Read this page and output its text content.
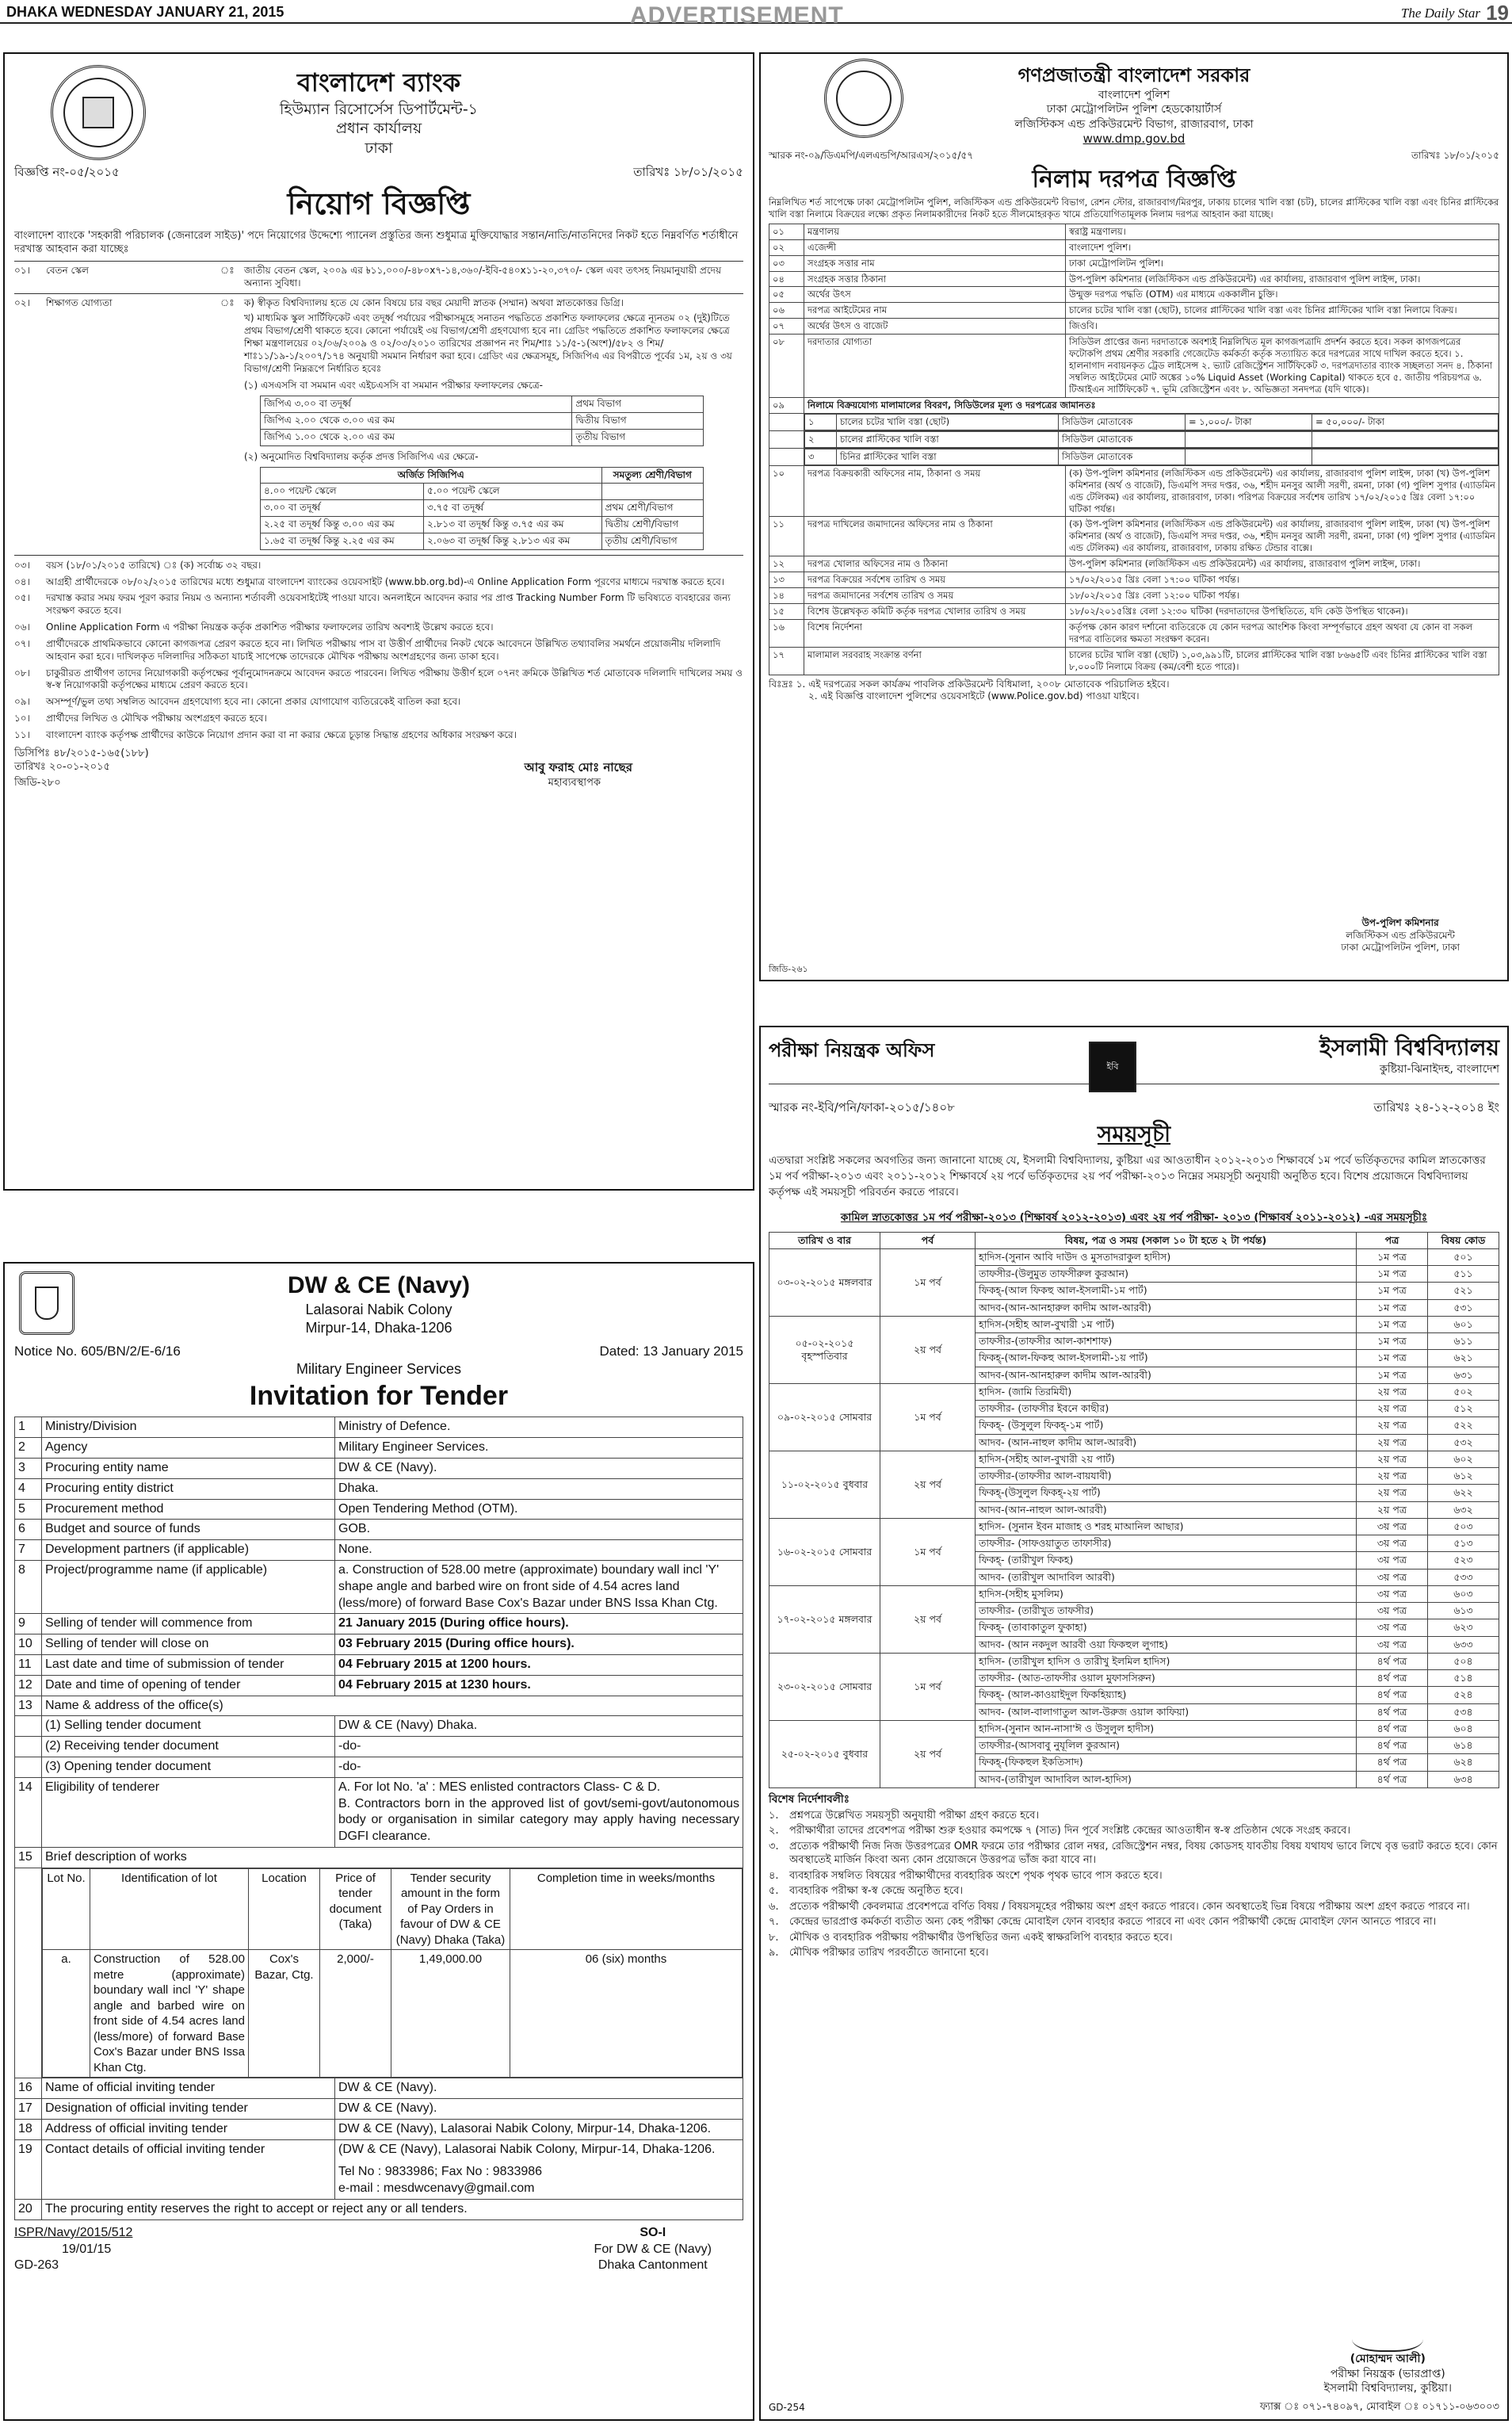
DHAKA WEDNESDAY JANUARY 21, 2015	ADVERTISEMENT	The Daily Star 19
বাংলাদেশ ব্যাংক
হিউম্যান রিসোর্সেস ডিপার্টমেন্ট-১
প্রধান কার্যালয়
ঢাকা
বিজ্ঞপ্তি নং-০৫/২০১৫	তারিখঃ ১৮/০১/২০১৫
নিয়োগ বিজ্ঞপ্তি
বাংলাদেশ ব্যাংকে 'সহকারী পরিচালক (জেনারেল সাইড)' পদে নিয়োগের উদ্দেশ্যে প্যানেল প্রস্তুতির জন্য শুধুমাত্র মুক্তিযোদ্ধার সন্তান/নাতি/নাতনিদের নিকট হতে নিম্নবর্ণিত শর্তাধীনে দরখাস্ত আহবান করা যাচ্ছেঃ
০১।	বেতন স্কেল	ঃ	জাতীয় বেতন স্কেল, ২০০৯ এর ৳১১,০০০/-৪৮০x৭-১৪,৩৬০/-ইবি-৫৪০x১১-২০,৩৭০/- স্কেল এবং তৎসহ নিয়মানুযায়ী প্রদেয় অন্যান্য সুবিধা।
০২।	শিক্ষাগত যোগ্যতা	ঃ	ক) স্বীকৃত বিশ্ববিদ্যালয় হতে যে কোন বিষয়ে চার বছর মেয়াদী স্নাতক (সম্মান) অথবা স্নাতকোত্তর ডিগ্রি।
খ) মাধ্যমিক স্কুল সার্টিফিকেট এবং তদূর্ধ্ব পর্যায়ের পরীক্ষাসমূহে সনাতন পদ্ধতিতে প্রকাশিত ফলাফলের ক্ষেত্রে ন্যূনতম ০২ (দুই)টিতে প্রথম বিভাগ/শ্রেণী থাকতে হবে। কোনো পর্যায়েই ৩য় বিভাগ/শ্রেণী গ্রহণযোগ্য হবে না। গ্রেডিং পদ্ধতিতে প্রকাশিত ফলাফলের ক্ষেত্রে শিক্ষা মন্ত্রণালয়ের ০২/০৬/২০০৯ ও ০২/০৩/২০১০ তারিখের প্রজ্ঞাপন নং শিম/শাঃ ১১/৫-১(অংশ)/৫৮২ ও শিম/শাঃ১১/১৯-১/২০০৭/১৭৪ অনুযায়ী সমমান নির্ধারণ করা হবে। গ্রেডিং এর ক্ষেত্রসমূহ, সিজিপিএ এর বিপরীতে পূর্বের ১ম, ২য় ও ৩য় বিভাগ/শ্রেণী নিম্নরূপে নির্ধারিত হবেঃ
(১) এসএসসি বা সমমান এবং এইচএসসি বা সমমান পরীক্ষার ফলাফলের ক্ষেত্রে-
জিপিএ ৩.০০ বা তদূর্ধ্ব	প্রথম বিভাগ
জিপিএ ২.০০ থেকে ৩.০০ এর কম	দ্বিতীয় বিভাগ
জিপিএ ১.০০ থেকে ২.০০ এর কম	তৃতীয় বিভাগ
(২) অনুমোদিত বিশ্ববিদ্যালয় কর্তৃক প্রদত্ত সিজিপিএ এর ক্ষেত্রে-
অর্জিত সিজিপিএ		সমতুল্য শ্রেণী/বিভাগ
৪.০০ পয়েন্ট স্কেলে	৫.০০ পয়েন্ট স্কেলে	
৩.০০ বা তদূর্ধ্ব	৩.৭৫ বা তদূর্ধ্ব	প্রথম শ্রেণী/বিভাগ
২.২৫ বা তদূর্ধ্ব কিন্তু ৩.০০ এর কম	২.৮১৩ বা তদূর্ধ্ব কিন্তু ৩.৭৫ এর কম	দ্বিতীয় শ্রেণী/বিভাগ
১.৬৫ বা তদূর্ধ্ব কিন্তু ২.২৫ এর কম	২.০৬৩ বা তদূর্ধ্ব কিন্তু ২.৮১৩ এর কম	তৃতীয় শ্রেণী/বিভাগ
০৩।	বয়স (১৮/০১/২০১৫ তারিখে) ঃ (ক) সর্বোচ্চ ৩২ বছর।
০৪।	আগ্রহী প্রার্থীদেরকে ০৮/০২/২০১৫ তারিখের মধ্যে শুধুমাত্র বাংলাদেশ ব্যাংকের ওয়েবসাইট (www.bb.org.bd)-এ Online Application Form পূরণের মাধ্যমে দরখাস্ত করতে হবে।
০৫।	দরখাস্ত করার সময় ফরম পূরণ করার নিয়ম ও অন্যান্য শর্তাবলী ওয়েবসাইটেই পাওয়া যাবে। অনলাইনে আবেদন করার পর প্রাপ্ত Tracking Number Form টি ভবিষ্যতে ব্যবহারের জন্য সংরক্ষণ করতে হবে।
০৬।	Online Application Form এ পরীক্ষা নিয়ন্ত্রক কর্তৃক প্রকাশিত পরীক্ষার ফলাফলের তারিখ অবশ্যই উল্লেখ করতে হবে।
০৭।	প্রার্থীদেরকে প্রাথমিকভাবে কোনো কাগজপত্র প্রেরণ করতে হবে না। লিখিত পরীক্ষায় পাস বা উত্তীর্ণ প্রার্থীদের নিকট থেকে আবেদনে উল্লিখিত তথ্যাবলির সমর্থনে প্রয়োজনীয় দলিলাদি আহবান করা হবে। দাখিলকৃত দলিলাদির সঠিকতা যাচাই সাপেক্ষে তাদেরকে মৌখিক পরীক্ষায় অংশগ্রহণের জন্য ডাকা হবে।
০৮।	চাকুরীরত প্রার্থীগণ তাদের নিয়োগকারী কর্তৃপক্ষের পূর্বানুমোদনক্রমে আবেদন করতে পারবেন। লিখিত পরীক্ষায় উত্তীর্ণ হলে ০৭নং ক্রমিকে উল্লিখিত শর্ত মোতাবেক দলিলাদি দাখিলের সময় ও স্ব-স্ব নিয়োগকারী কর্তৃপক্ষের মাধ্যমে প্রেরণ করতে হবে।
০৯।	অসম্পূর্ণ/ভুল তথ্য সম্বলিত আবেদন গ্রহণযোগ্য হবে না। কোনো প্রকার যোগাযোগ ব্যতিরেকেই বাতিল করা হবে।
১০।	প্রার্থীদের লিখিত ও মৌখিক পরীক্ষায় অংশগ্রহণ করতে হবে।
১১।	বাংলাদেশ ব্যাংক কর্তৃপক্ষ প্রার্থীদের কাউকে নিয়োগ প্রদান করা বা না করার ক্ষেত্রে চূড়ান্ত সিদ্ধান্ত গ্রহণের অধিকার সংরক্ষণ করে।
ডিসিপিঃ ৪৮/২০১৫-১৬৫(১৮৮)
তারিখঃ ২০-০১-২০১৫	আবু ফরাহ মোঃ নাছের
জিডি-২৮০	মহাব্যবস্থাপক
গণপ্রজাতন্ত্রী বাংলাদেশ সরকার
বাংলাদেশ পুলিশ
ঢাকা মেট্রোপলিটন পুলিশ হেডকোয়ার্টার্স
লজিস্টিকস এন্ড প্রকিউরমেন্ট বিভাগ, রাজারবাগ, ঢাকা
www.dmp.gov.bd
স্মারক নং-০৯/ডিএমপি/এলএন্ডপি/আরএস/২০১৫/৫৭	তারিখঃ ১৮/০১/২০১৫
নিলাম দরপত্র বিজ্ঞপ্তি
নিম্নলিখিত শর্ত সাপেক্ষে ঢাকা মেট্রোপলিটন পুলিশ, লজিস্টিকস এন্ড প্রকিউরমেন্ট বিভাগ, রেশন স্টোর, রাজারবাগ/মিরপুর, ঢাকায় চালের খালি বস্তা (চট), চালের প্লাস্টিকের খালি বস্তা এবং চিনির প্লাস্টিকের খালি বস্তা নিলামে বিক্রয়ের লক্ষ্যে প্রকৃত নিলামকারীদের নিকট হতে সীলমোহরকৃত খামে প্রতিযোগিতামূলক নিলাম দরপত্র আহবান করা যাচ্ছে।
০১	মন্ত্রণালয়	স্বরাষ্ট্র মন্ত্রণালয়।
০২	এজেন্সী	বাংলাদেশ পুলিশ।
০৩	সংগ্রহক সত্তার নাম	ঢাকা মেট্রোপলিটন পুলিশ।
০৪	সংগ্রহক সত্তার ঠিকানা	উপ-পুলিশ কমিশনার (লজিস্টিকস এন্ড প্রকিউরমেন্ট) এর কার্যালয়, রাজারবাগ পুলিশ লাইন্স, ঢাকা।
০৫	অর্থের উৎস	উন্মুক্ত দরপত্র পদ্ধতি (OTM) এর মাধ্যমে এককালীন চুক্তি।
০৬	দরপত্র আইটেমের নাম	চালের চটের খালি বস্তা (ছোট), চালের প্লাস্টিকের খালি বস্তা এবং চিনির প্লাস্টিকের খালি বস্তা নিলামে বিক্রয়।
০৭	অর্থের উৎস ও বাজেট	জিওবি।
০৮	দরদাতার যোগ্যতা	সিডিউল প্রাপ্তের জন্য দরদাতাকে অবশ্যই নিম্নলিখিত মূল কাগজপত্রাদি প্রদর্শন করতে হবে। সকল কাগজপত্রের ফটোকপি প্রথম শ্রেণীর সরকারি গেজেটেড কর্মকর্তা কর্তৃক সত্যায়িত করে দরপত্রের সাথে দাখিল করতে হবে। ১. হালনাগাদ নবায়নকৃত ট্রেড লাইসেন্স ২. ভ্যাট রেজিস্ট্রেশন সার্টিফিকেট ৩. দরপত্রদাতার ব্যাংক সচ্ছলতা সনদ ৪. ঠিকানা সম্বলিত আইটেমের মোট অঙ্কের ১০% Liquid Asset (Working Capital) থাকতে হবে ৫. জাতীয় পরিচয়পত্র ৬. টিআইএন সার্টিফিকেট ৭. ভূমি রেজিস্ট্রেশন এবং ৮. অভিজ্ঞতা সনদপত্র (যদি থাকে)।
০৯	নিলামে বিক্রয়যোগ্য মালামালের বিবরণ, সিডিউলের মূল্য ও দরপত্রের জামানতঃ

১	চালের চটের খালি বস্তা (ছোট)	সিডিউল মোতাবেক	= ১,০০০/- টাকা	= ৫০,০০০/- টাকা

২	চালের প্লাস্টিকের খালি বস্তা	সিডিউল মোতাবেক		

৩	চিনির প্লাস্টিকের খালি বস্তা	সিডিউল মোতাবেক		

১০	দরপত্র বিক্রয়কারী অফিসের নাম, ঠিকানা ও সময়	(ক) উপ-পুলিশ কমিশনার (লজিস্টিকস এন্ড প্রকিউরমেন্ট) এর কার্যালয়, রাজারবাগ পুলিশ লাইন্স, ঢাকা (খ) উপ-পুলিশ কমিশনার (অর্থ ও বাজেট), ডিএমপি সদর দপ্তর, ৩৬, শহীদ মনসুর আলী সরণী, রমনা, ঢাকা (গ) পুলিশ সুপার (এ্যাডমিন এন্ড টেলিকম) এর কার্যালয়, রাজারবাগ, ঢাকা। পরিপত্র বিক্রয়ের সর্বশেষ তারিখ ১৭/০২/২০১৫ খ্রিঃ বেলা ১৭:০০ ঘটিকা পর্যন্ত।
১১	দরপত্র দাখিলের জমাদানের অফিসের নাম ও ঠিকানা	(ক) উপ-পুলিশ কমিশনার (লজিস্টিকস এন্ড প্রকিউরমেন্ট) এর কার্যালয়, রাজারবাগ পুলিশ লাইন্স, ঢাকা (খ) উপ-পুলিশ কমিশনার (অর্থ ও বাজেট), ডিএমপি সদর দপ্তর, ৩৬, শহীদ মনসুর আলী সরণী, রমনা, ঢাকা (গ) পুলিশ সুপার (এ্যাডমিন এন্ড টেলিকম) এর কার্যালয়, রাজারবাগ, ঢাকায় রক্ষিত টেন্ডার বাক্সে।
১২	দরপত্র খোলার অফিসের নাম ও ঠিকানা	উপ-পুলিশ কমিশনার (লজিস্টিকস এন্ড প্রকিউরমেন্ট) এর কার্যালয়, রাজারবাগ পুলিশ লাইন্স, ঢাকা।
১৩	দরপত্র বিক্রয়ের সর্বশেষ তারিখ ও সময়	১৭/০২/২০১৫ খ্রিঃ বেলা ১৭:০০ ঘটিকা পর্যন্ত।
১৪	দরপত্র জমাদানের সর্বশেষ তারিখ ও সময়	১৮/০২/২০১৫ খ্রিঃ বেলা ১২:০০ ঘটিকা পর্যন্ত।
১৫	বিশেষ উল্লেখকৃত কমিটি কর্তৃক দরপত্র খোলার তারিখ ও সময়	১৮/০২/২০১৫খ্রিঃ বেলা ১২:৩০ ঘটিকা (দরদাতাদের উপস্থিতিতে, যদি কেউ উপস্থিত থাকেন)।
১৬	বিশেষ নির্দেশনা	কর্তৃপক্ষ কোন কারণ দর্শানো ব্যতিরেকে যে কোন দরপত্র আংশিক কিংবা সম্পূর্ণভাবে গ্রহণ অথবা যে কোন বা সকল দরপত্র বাতিলের ক্ষমতা সংরক্ষণ করেন।
১৭	মালামাল সরবরাহ সংক্রান্ত বর্ণনা	চালের চটের খালি বস্তা (ছোট) ১,০৩,৯৯১টি, চালের প্লাস্টিকের খালি বস্তা ৮৬৬৫টি এবং চিনির প্লাস্টিকের খালি বস্তা ৮,০০০টি নিলামে বিক্রয় (কম/বেশী হতে পারে)।
বিঃদ্রঃ ১. এই দরপত্রের সকল কার্যক্রম পাবলিক প্রকিউরমেন্ট বিধিমালা, ২০০৮ মোতাবেক পরিচালিত হইবে।
২. এই বিজ্ঞপ্তি বাংলাদেশ পুলিশের ওয়েবসাইটে (www.Police.gov.bd) পাওয়া যাইবে।
উপ-পুলিশ কমিশনার
লজিস্টিকস এন্ড প্রকিউরমেন্ট
ঢাকা মেট্রোপলিটন পুলিশ, ঢাকা
জিডি-২৬১
DW & CE (Navy)
Lalasorai Nabik Colony
Mirpur-14, Dhaka-1206
Notice No. 605/BN/2/E-6/16	Dated: 13 January 2015
Military Engineer Services
Invitation for Tender
1	Ministry/Division	Ministry of Defence.
2	Agency	Military Engineer Services.
3	Procuring entity name	DW & CE (Navy).
4	Procuring entity district	Dhaka.
5	Procurement method	Open Tendering Method (OTM).
6	Budget and source of funds	GOB.
7	Development partners (if applicable)	None.
8	Project/programme name (if applicable)	a. Construction of 528.00 metre (approximate) boundary wall incl 'Y' shape angle and barbed wire on front side of 4.54 acres land (less/more) of forward Base Cox's Bazar under BNS Issa Khan Ctg.
9	Selling of tender will commence from	21 January 2015 (During office hours).
10	Selling of tender will close on	03 February 2015 (During office hours).
11	Last date and time of submission of tender	04 February 2015 at 1200 hours.
12	Date and time of opening of tender	04 February 2015 at 1230 hours.
13	Name & address of the office(s)
	(1) Selling tender document	DW & CE (Navy) Dhaka.
	(2) Receiving tender document	-do-
	(3) Opening tender document	-do-
14	Eligibility of tenderer	A. For lot No. 'a' : MES enlisted contractors Class- C & D.
B. Contractors born in the approved list of govt/semi-govt/autonomous body or organisation in similar category may apply having necessary DGFI clearance.

15	Brief description of works

Lot No.	Identification of lot	Location	Price of tender document (Taka)	Tender security amount in the form of Pay Orders in favour of DW & CE (Navy) Dhaka (Taka)	Completion time in weeks/months
a.	Construction of 528.00 metre (approximate) boundary wall incl 'Y' shape angle and barbed wire on front side of 4.54 acres land (less/more) of forward Base Cox's Bazar under BNS Issa Khan Ctg.	Cox's Bazar, Ctg.	2,000/-	1,49,000.00	06 (six) months

16	Name of official inviting tender	DW & CE (Navy).
17	Designation of official inviting tender	DW & CE (Navy).
18	Address of official inviting tender	DW & CE (Navy), Lalasorai Nabik Colony, Mirpur-14, Dhaka-1206.
19	Contact details of official inviting tender	(DW & CE (Navy), Lalasorai Nabik Colony, Mirpur-14, Dhaka-1206.
Tel No : 9833986; Fax No : 9833986
e-mail : mesdwcenavy@gmail.com

20	The procuring entity reserves the right to accept or reject any or all tenders.
ISPR/Navy/2015/512
19/01/15
GD-263
SO-I
For DW & CE (Navy)
Dhaka Cantonment
পরীক্ষা নিয়ন্ত্রক অফিস	ইসলামী বিশ্ববিদ্যালয়
কুষ্টিয়া-ঝিনাইদহ, বাংলাদেশ
ইবি
স্মারক নং-ইবি/পনি/ফাকা-২০১৫/১৪০৮	তারিখঃ ২৪-১২-২০১৪ ইং
সময়সূচী
এতদ্বারা সংশ্লিষ্ট সকলের অবগতির জন্য জানানো যাচ্ছে যে, ইসলামী বিশ্ববিদ্যালয়, কুষ্টিয়া এর আওতাধীন ২০১২-২০১৩ শিক্ষাবর্ষে ১ম পর্বে ভর্তিকৃতদের কামিল স্নাতকোত্তর ১ম পর্ব পরীক্ষা-২০১৩ এবং ২০১১-২০১২ শিক্ষাবর্ষে ২য় পর্বে ভর্তিকৃতদের ২য় পর্ব পরীক্ষা-২০১৩ নিম্নের সময়সূচী অনুযায়ী অনুষ্ঠিত হবে। বিশেষ প্রয়োজনে বিশ্ববিদ্যালয় কর্তৃপক্ষ এই সময়সূচী পরিবর্তন করতে পারবে।
কামিল স্নাতকোত্তর ১ম পর্ব পরীক্ষা-২০১৩ (শিক্ষাবর্ষ ২০১২-২০১৩) এবং ২য় পর্ব পরীক্ষা- ২০১৩ (শিক্ষাবর্ষ ২০১১-২০১২) -এর সময়সূচীঃ
তারিখ ও বার	পর্ব	বিষয়, পত্র ও সময় (সকাল ১০ টা হতে ২ টা পর্যন্ত)	পত্র	বিষয় কোড
০৩-০২-২০১৫ মঙ্গলবার	১ম পর্ব	হাদিস-(সুনান আবি দাউদ ও মুসতাদরাকুল হাদীস)	১ম পত্র	৫০১
		তাফসীর-(উলুমুত তাফসীরুল কুরআন)	১ম পত্র	৫১১
		ফিকহ্-(আল ফিকহু আল-ইসলামী-১ম পার্ট)	১ম পত্র	৫২১
		আদব-(আন-আনহারুল কাদীম আল-আরবী)	১ম পত্র	৫৩১
০৫-০২-২০১৫ বৃহস্পতিবার	২য় পর্ব	হাদিস-(সহীহ আল-বুখারী ১ম পার্ট)	১ম পত্র	৬০১
		তাফসীর-(তাফসীর আল-কাশশাফ)	১ম পত্র	৬১১
		ফিকহ্-(আল-ফিকহু আল-ইসলামী-১য় পার্ট)	১ম পত্র	৬২১
		আদব-(আন-আনহারুল কাদীম আল-আরবী)	১ম পত্র	৬৩১
০৯-০২-২০১৫ সোমবার	১ম পর্ব	হাদিস- (জামি তিরমিযী)	২য় পত্র	৫০২
		তাফসীর- (তাফসীর ইবনে কাছীর)	২য় পত্র	৫১২
		ফিকহ্- (উসুলুল ফিকহ্-১ম পার্ট)	২য় পত্র	৫২২
		আদব- (আন-নাহুল কাদীম আল-আরবী)	২য় পত্র	৫৩২
১১-০২-২০১৫ বুধবার	২য় পর্ব	হাদিস-(সহীহ আল-বুখারী ২য় পার্ট)	২য় পত্র	৬০২
		তাফসীর-(তাফসীর আল-বায়যাবী)	২য় পত্র	৬১২
		ফিকহ্-(উসুলুল ফিকহ্-২য় পার্ট)	২য় পত্র	৬২২
		আদব-(আন-নাহুল আল-আরবী)	২য় পত্র	৬৩২
১৬-০২-২০১৫ সোমবার	১ম পর্ব	হাদিস- (সুনান ইবন মাজাহ ও শরহ মাআনিল আছার)	৩য় পত্র	৫০৩
		তাফসীর- (সাফওয়াতুত তাফাসীর)	৩য় পত্র	৫১৩
		ফিকহ্- (তারীখুল ফিকহ)	৩য় পত্র	৫২৩
		আদব- (তারীখুল আদাবিল আরবী)	৩য় পত্র	৫৩৩
১৭-০২-২০১৫ মঙ্গলবার	২য় পর্ব	হাদিস-(সহীহ মুসলিম)	৩য় পত্র	৬০৩
		তাফসীর- (তারীখুত তাফসীর)	৩য় পত্র	৬১৩
		ফিকহ্- (তাবাকাতুল ফুকাহা)	৩য় পত্র	৬২৩
		আদব- (আন নকদুল আরবী ওয়া ফিকহুল লুগাহ)	৩য় পত্র	৬৩৩
২৩-০২-২০১৫ সোমবার	১ম পর্ব	হাদিস- (তারীখুল হাদিস ও তারীখু ইলমিল হাদিস)	৪র্থ পত্র	৫০৪
		তাফসীর- (আত-তাফসীর ওয়াল মুফাসসিরুন)	৪র্থ পত্র	৫১৪
		ফিকহ্- (আল-কাওয়াইদুল ফিকহিয়্যাহ)	৪র্থ পত্র	৫২৪
		আদব- (আল-বালাগাতুল আল-উরুজ ওয়াল কাফিয়া)	৪র্থ পত্র	৫৩৪
২৫-০২-২০১৫ বুধবার	২য় পর্ব	হাদিস-(সুনান আন-নাসা'ঈ ও উসুলুল হাদীস)	৪র্থ পত্র	৬০৪
		তাফসীর-(আসবাবু নুযূলিল কুরআন)	৪র্থ পত্র	৬১৪
		ফিকহ্-(ফিকহুল ইকতিসাদ)	৪র্থ পত্র	৬২৪
		আদব-(তারীখুল আদাবিল আল-হাদিস)	৪র্থ পত্র	৬৩৪
বিশেষ নির্দেশাবলীঃ
১.	প্রশ্নপত্রে উল্লেখিত সময়সূচী অনুযায়ী পরীক্ষা গ্রহণ করতে হবে।
২.	পরীক্ষার্থীরা তাদের প্রবেশপত্র পরীক্ষা শুরু হওয়ার কমপক্ষে ৭ (সাত) দিন পূর্বে সংশ্লিষ্ট কেন্দ্রের আওতাধীন স্ব-স্ব প্রতিষ্ঠান থেকে সংগ্রহ করবে।
৩.	প্রত্যেক পরীক্ষার্থী নিজ নিজ উত্তরপত্রের OMR ফরমে তার পরীক্ষার রোল নম্বর, রেজিস্ট্রেশন নম্বর, বিষয় কোডসহ যাবতীয় বিষয় যথাযথ ভাবে লিখে বৃত্ত ভরাট করতে হবে। কোন অবস্থাতেই মার্জিন কিংবা অন্য কোন প্রয়োজনে উত্তরপত্র ভাঁজ করা যাবে না।
৪.	ব্যবহারিক সম্বলিত বিষয়ের পরীক্ষার্থীদের ব্যবহারিক অংশে পৃথক পৃথক ভাবে পাস করতে হবে।
৫.	ব্যবহারিক পরীক্ষা স্ব-স্ব কেন্দ্রে অনুষ্ঠিত হবে।
৬.	প্রত্যেক পরীক্ষার্থী কেবলমাত্র প্রবেশপত্রে বর্ণিত বিষয় / বিষয়সমূহের পরীক্ষায় অংশ গ্রহণ করতে পারবে। কোন অবস্থাতেই ভিন্ন বিষয়ে পরীক্ষায় অংশ গ্রহণ করতে পারবে না।
৭.	কেন্দ্রের ভারপ্রাপ্ত কর্মকর্তা ব্যতীত অন্য কেহ পরীক্ষা কেন্দ্রে মোবাইল ফোন ব্যবহার করতে পারবে না এবং কোন পরীক্ষার্থী কেন্দ্রে মোবাইল ফোন আনতে পারবে না।
৮.	মৌখিক ও ব্যবহারিক পরীক্ষায় পরীক্ষার্থীর উপস্থিতির জন্য একই স্বাক্ষরলিপি ব্যবহার করতে হবে।
৯.	মৌখিক পরীক্ষার তারিখ পরবর্তীতে জানানো হবে।
(মোহাম্মদ আলী)
পরীক্ষা নিয়ন্ত্রক (ভারপ্রাপ্ত)
ইসলামী বিশ্ববিদ্যালয়, কুষ্টিয়া।
GD-254	ফ্যাক্স ঃ ০৭১-৭৪০৯৭, মোবাইল ঃ ০১৭১১-০৬৩০০৩
